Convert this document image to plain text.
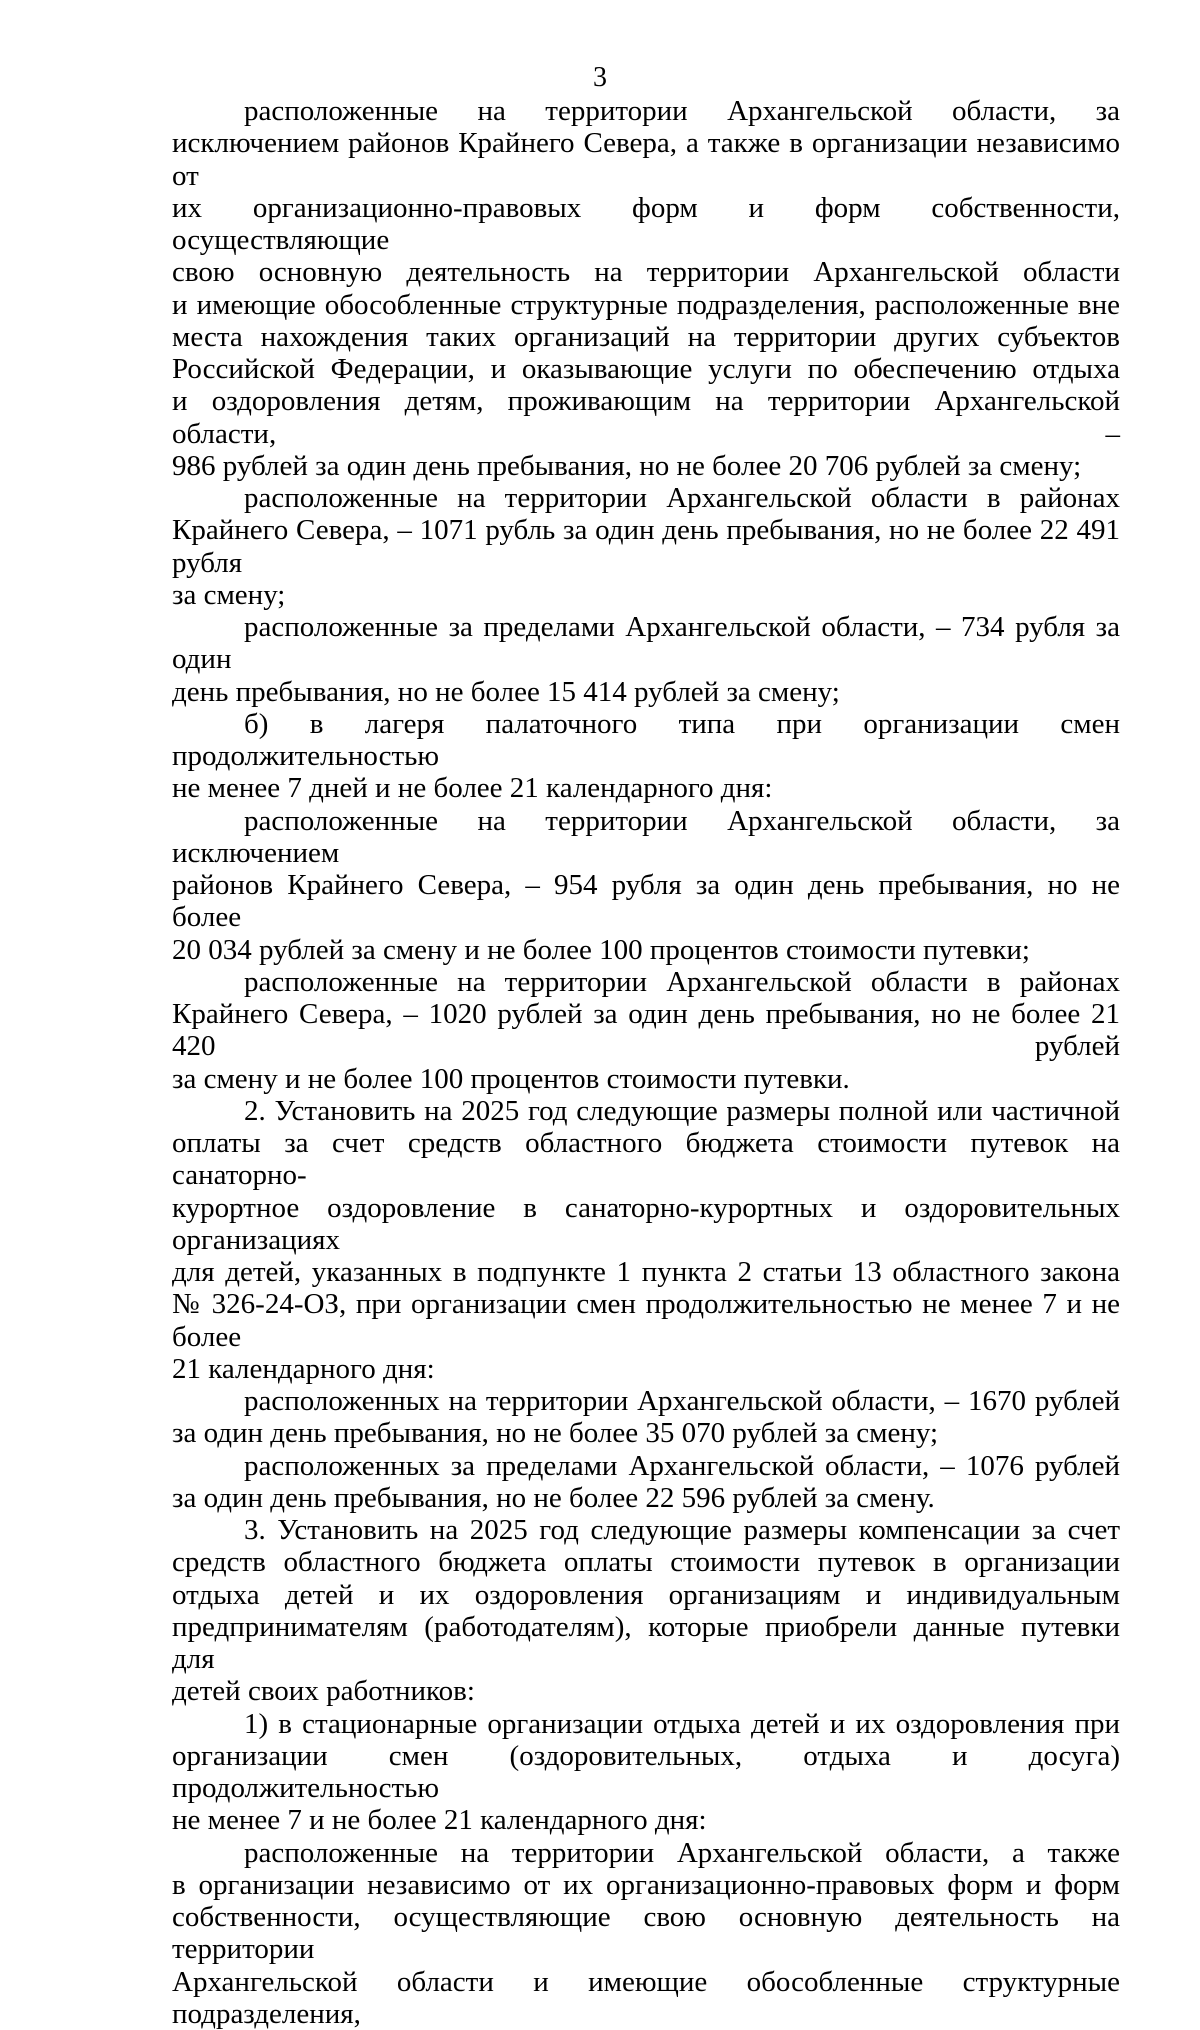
3
расположенные на территории Архангельской области, за
исключением районов Крайнего Севера, а также в организации независимо от
их организационно-правовых форм и форм собственности, осуществляющие
свою основную деятельность на территории Архангельской области
и имеющие обособленные структурные подразделения, расположенные вне
места нахождения таких организаций на территории других субъектов
Российской Федерации, и оказывающие услуги по обеспечению отдыха
и оздоровления детям, проживающим на территории Архангельской области, –
986 рублей за один день пребывания, но не более 20 706 рублей за смену;
расположенные на территории Архангельской области в районах
Крайнего Севера, – 1071 рубль за один день пребывания, но не более 22 491 рубля
за смену;
расположенные за пределами Архангельской области, – 734 рубля за один
день пребывания, но не более 15 414 рублей за смену;
б) в лагеря палаточного типа при организации смен продолжительностью
не менее 7 дней и не более 21 календарного дня:
расположенные на территории Архангельской области, за исключением
районов Крайнего Севера, – 954 рубля за один день пребывания, но не более
20 034 рублей за смену и не более 100 процентов стоимости путевки;
расположенные на территории Архангельской области в районах
Крайнего Севера, – 1020 рублей за один день пребывания, но не более 21 420 рублей
за смену и не более 100 процентов стоимости путевки.
2. Установить на 2025 год следующие размеры полной или частичной
оплаты за счет средств областного бюджета стоимости путевок на санаторно-
курортное оздоровление в санаторно-курортных и оздоровительных организациях
для детей, указанных в подпункте 1 пункта 2 статьи 13 областного закона
№ 326-24-ОЗ, при организации смен продолжительностью не менее 7 и не более
21 календарного дня:
расположенных на территории Архангельской области, – 1670 рублей
за один день пребывания, но не более 35 070 рублей за смену;
расположенных за пределами Архангельской области, – 1076 рублей
за один день пребывания, но не более 22 596 рублей за смену.
3. Установить на 2025 год следующие размеры компенсации за счет
средств областного бюджета оплаты стоимости путевок в организации
отдыха детей и их оздоровления организациям и индивидуальным
предпринимателям (работодателям), которые приобрели данные путевки для
детей своих работников:
1) в стационарные организации отдыха детей и их оздоровления при
организации смен (оздоровительных, отдыха и досуга) продолжительностью
не менее 7 и не более 21 календарного дня:
расположенные на территории Архангельской области, а также
в организации независимо от их организационно-правовых форм и форм
собственности, осуществляющие свою основную деятельность на территории
Архангельской области и имеющие обособленные структурные подразделения,
